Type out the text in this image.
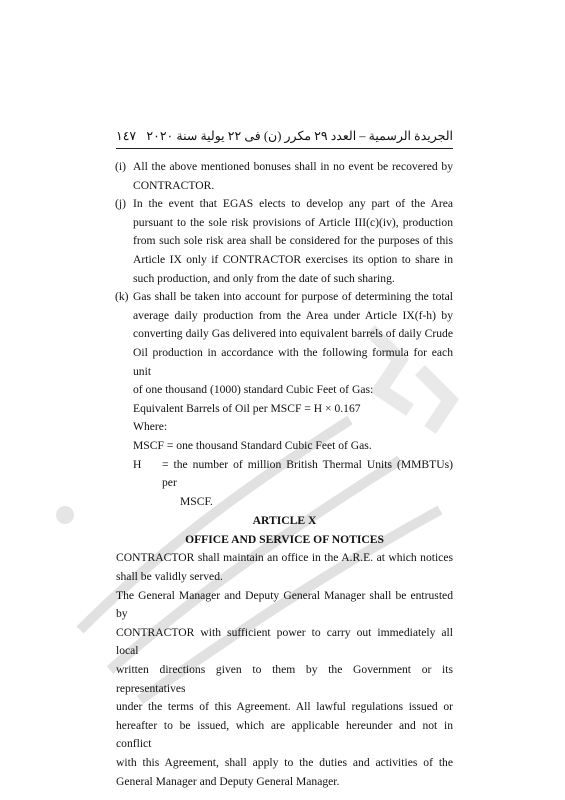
١٤٧ الجريدة الرسمية – العدد ٢٩ مكرر (ن) فى ٢٢ يولية سنة ٢٠٢٠
(i) All the above mentioned bonuses shall in no event be recovered by
CONTRACTOR.
(j) In the event that EGAS elects to develop any part of the Area
pursuant to the sole risk provisions of Article III(c)(iv), production
from such sole risk area shall be considered for the purposes of this
Article IX only if CONTRACTOR exercises its option to share in
such production, and only from the date of such sharing.
(k) Gas shall be taken into account for purpose of determining the total
average daily production from the Area under Article IX(f-h) by
converting daily Gas delivered into equivalent barrels of daily Crude
Oil production in accordance with the following formula for each unit
of one thousand (1000) standard Cubic Feet of Gas:
Equivalent Barrels of Oil per MSCF = H × 0.167
Where:
MSCF = one thousand Standard Cubic Feet of Gas.
H	= the number of million British Thermal Units (MMBTUs) per
MSCF.
ARTICLE X
OFFICE AND SERVICE OF NOTICES
CONTRACTOR shall maintain an office in the A.R.E. at which notices
shall be validly served.
The General Manager and Deputy General Manager shall be entrusted by
CONTRACTOR with sufficient power to carry out immediately all local
written directions given to them by the Government or its representatives
under the terms of this Agreement. All lawful regulations issued or
hereafter to be issued, which are applicable hereunder and not in conflict
with this Agreement, shall apply to the duties and activities of the
General Manager and Deputy General Manager.
